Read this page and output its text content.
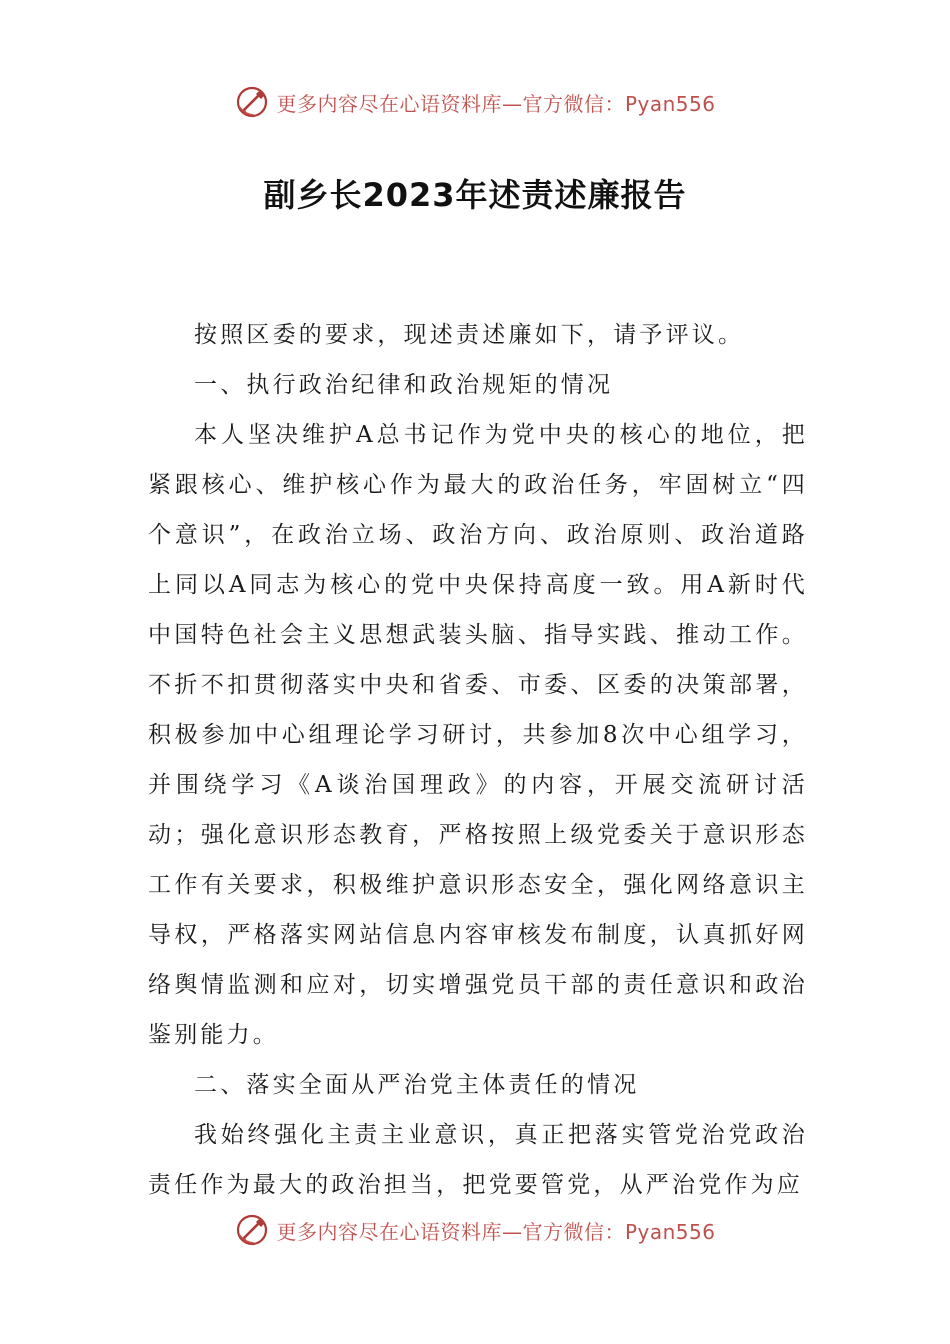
更多内容尽在心语资料库—官方微信：Pyan556
副乡长2023年述责述廉报告

按照区委的要求，现述责述廉如下，请予评议。

一、执行政治纪律和政治规矩的情况

本人坚决维护A总书记作为党中央的核心的地位，把紧跟核心、维护核心作为最大的政治任务，牢固树立“四个意识”，在政治立场、政治方向、政治原则、政治道路上同以A同志为核心的党中央保持高度一致。用A新时代中国特色社会主义思想武装头脑、指导实践、推动工作。不折不扣贯彻落实中央和省委、市委、区委的决策部署，积极参加中心组理论学习研讨，共参加8次中心组学习，并围绕学习《A谈治国理政》的内容，开展交流研讨活动；强化意识形态教育，严格按照上级党委关于意识形态工作有关要求，积极维护意识形态安全，强化网络意识主导权，严格落实网站信息内容审核发布制度，认真抓好网络舆情监测和应对，切实增强党员干部的责任意识和政治鉴别能力。

二、落实全面从严治党主体责任的情况

我始终强化主责主业意识，真正把落实管党治党政治责任作为最大的政治担当，把党要管党，从严治党作为应

更多内容尽在心语资料库—官方微信：Pyan556
